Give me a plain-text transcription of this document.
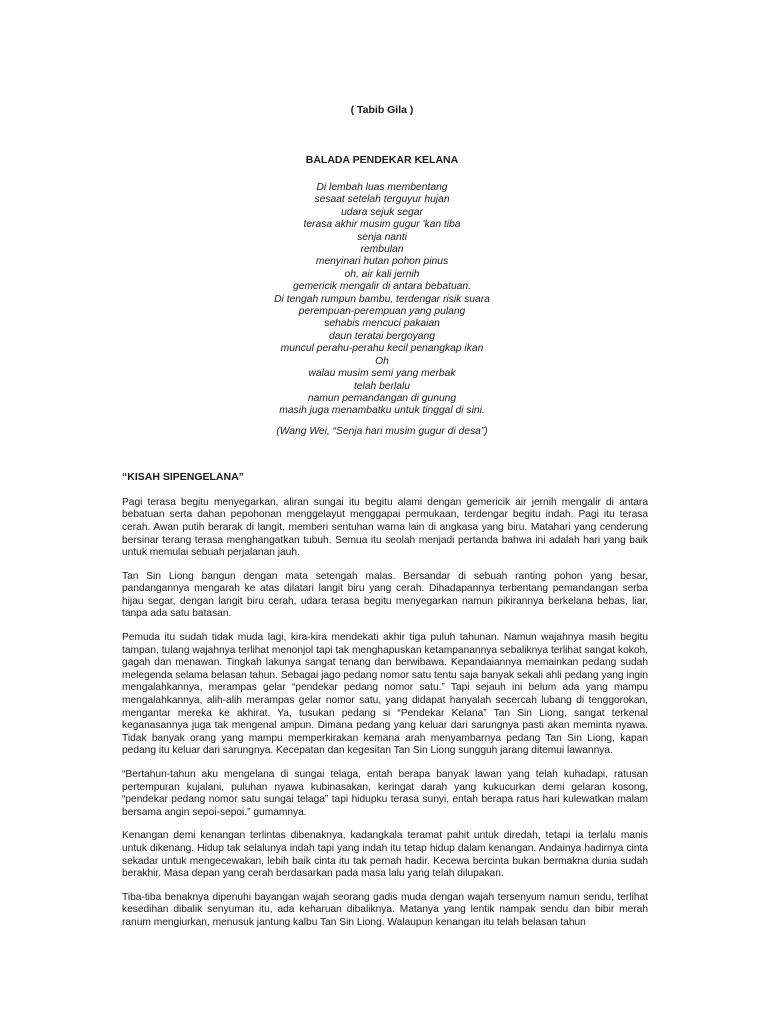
( Tabib Gila )
BALADA PENDEKAR KELANA
Di lembah luas membentang
sesaat setelah terguyur hujan
udara sejuk segar
terasa akhir musim gugur 'kan tiba
senja nanti
rembulan
menyinari hutan pohon pinus
oh, air kali jernih
gemericik mengalir di antara bebatuan.
Di tengah rumpun bambu, terdengar risik suara
perempuan-perempuan yang pulang
sehabis mencuci pakaian
daun teratai bergoyang
muncul perahu-perahu kecil penangkap ikan
Oh
walau musim semi yang merbak
telah berlalu
namun pemandangan di gunung
masih juga menambatku untuk tinggal di sini.
(Wang Wei, “Senja hari musim gugur di desa”)
“KISAH SIPENGELANA”

Pagi terasa begitu menyegarkan, aliran sungai itu begitu alami dengan gemericik air jernih mengalir di antara bebatuan serta dahan pepohonan menggelayut menggapai permukaan, terdengar begitu indah. Pagi itu terasa cerah. Awan putih berarak di langit, memberi sentuhan warna lain di angkasa yang biru. Matahari yang cenderung bersinar terang terasa menghangatkan tubuh. Semua itu seolah menjadi pertanda bahwa ini adalah hari yang baik untuk memulai sebuah perjalanan jauh.

Tan Sin Liong bangun dengan mata setengah malas. Bersandar di sebuah ranting pohon yang besar, pandangannya mengarah ke atas dilatari langit biru yang cerah. Dihadapannya terbentang pemandangan serba hijau segar, dengan langit biru cerah, udara terasa begitu menyegarkan namun pikirannya berkelana bebas, liar, tanpa ada satu batasan.

Pemuda itu sudah tidak muda lagi, kira-kira mendekati akhir tiga puluh tahunan. Namun wajahnya masih begitu tampan, tulang wajahnya terlihat menonjol tapi tak menghapuskan ketampanannya sebaliknya terlihat sangat kokoh, gagah dan menawan. Tingkah lakunya sangat tenang dan berwibawa. Kepandaiannya memainkan pedang sudah melegenda selama belasan tahun. Sebagai jago pedang nomor satu tentu saja banyak sekali ahli pedang yang ingin mengalahkannya, merampas gelar “pendekar pedang nomor satu.” Tapi sejauh ini belum ada yang mampu mengalahkannya, alih-alih merampas gelar nomor satu, yang didapat hanyalah secercah lubang di tenggorokan, mengantar mereka ke akhirat. Ya, tusukan pedang si “Pendekar Kelana” Tan Sin Liong, sangat terkenal keganasannya juga tak mengenal ampun. Dimana pedang yang keluar dari sarungnya pasti akan meminta nyawa. Tidak banyak orang yang mampu memperkirakan kemana arah menyambarnya pedang Tan Sin Liong, kapan pedang itu keluar dari sarungnya. Kecepatan dan kegesitan Tan Sin Liong sungguh jarang ditemui lawannya.

“Bertahun-tahun aku mengelana di sungai telaga, entah berapa banyak lawan yang telah kuhadapi, ratusan pertempuran kujalani, puluhan nyawa kubinasakan, keringat darah yang kukucurkan demi gelaran kosong, “pendekar pedang nomor satu sungai telaga” tapi hidupku terasa sunyi, entah berapa ratus hari kulewatkan malam bersama angin sepoi-sepoi.” gumamnya.

Kenangan demi kenangan terlintas dibenaknya, kadangkala teramat pahit untuk diredah, tetapi ia terlalu manis untuk dikenang. Hidup tak selalunya indah tapi yang indah itu tetap hidup dalam kenangan. Andainya hadirnya cinta sekadar untuk mengecewakan, lebih baik cinta itu tak pernah hadir. Kecewa bercinta bukan bermakna dunia sudah berakhir. Masa depan yang cerah berdasarkan pada masa lalu yang telah dilupakan.

Tiba-tiba benaknya dipenuhi bayangan wajah seorang gadis muda dengan wajah tersenyum namun sendu, terlihat kesedihan dibalik senyuman itu, ada keharuan dibaliknya. Matanya yang lentik nampak sendu dan bibir merah ranum mengiurkan, menusuk jantung kalbu Tan Sin Liong. Walaupun kenangan itu telah belasan tahun
